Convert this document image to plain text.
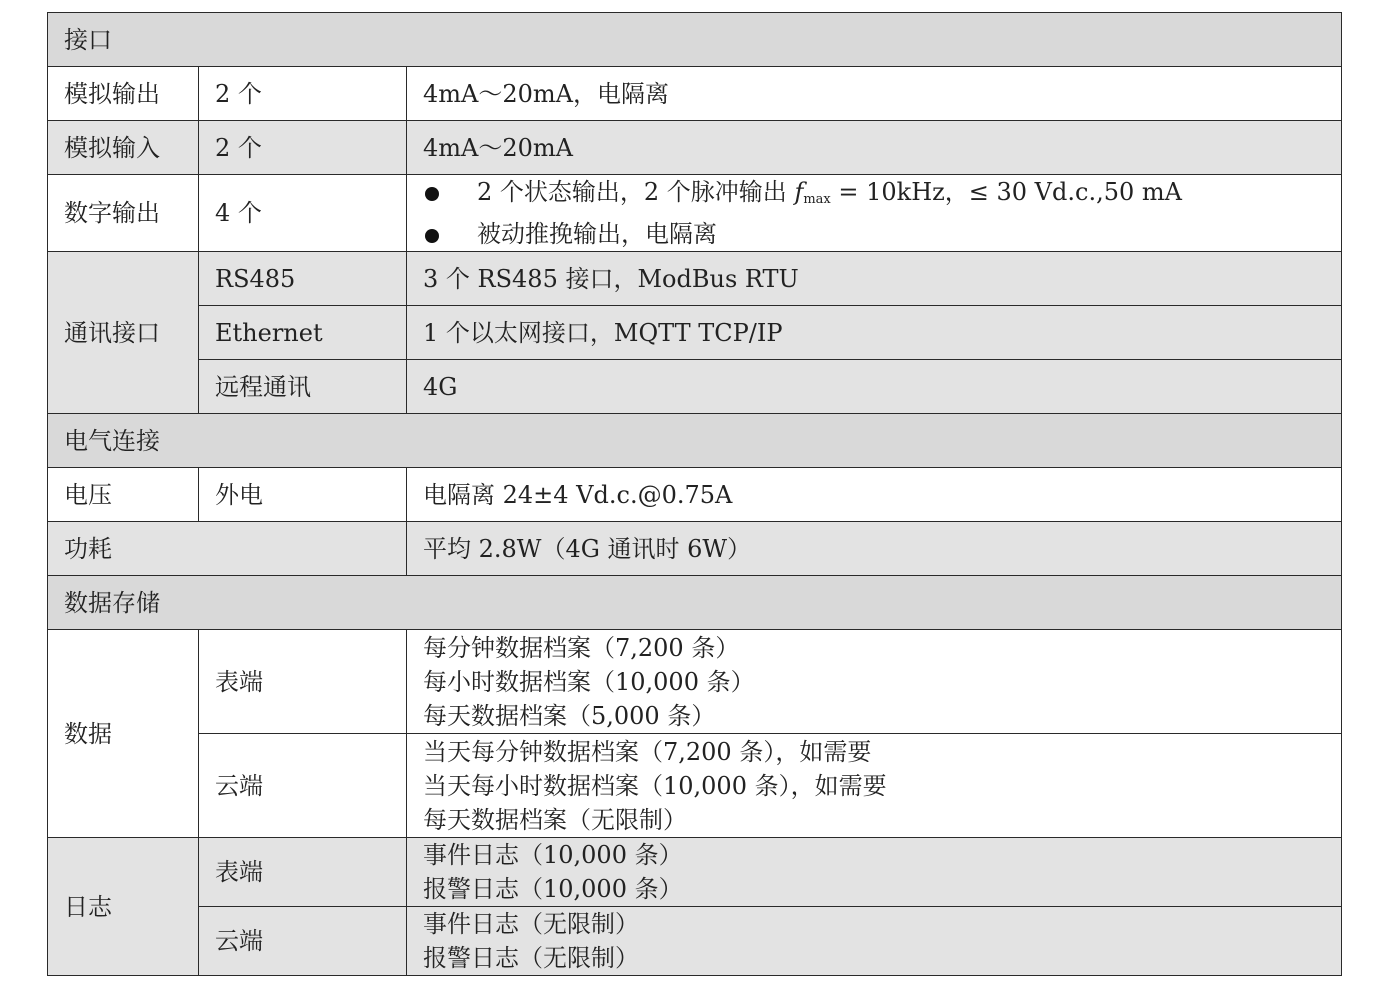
接口		
模拟输出	2 个	4mA～20mA，电隔离
模拟输入	2 个	4mA～20mA
数字输出	4 个	2 个状态输出，2 个脉冲输出 $f_{max} = 10kHz$，≤ 30 Vd.c.,50 mA
被动推挽输出，电隔离

通讯接口	RS485	3 个 RS485 接口，ModBus RTU
	Ethernet	1 个以太网接口，MQTT TCP/IP
	远程通讯	4G
电气连接		
电压	外电	电隔离 24±4 Vd.c.@0.75A
功耗		平均 2.8W（4G 通讯时 6W）
数据存储		
数据	表端	每分钟数据档案（7,200 条）
每小时数据档案（10,000 条）
每天数据档案（5,000 条）

	云端	当天每分钟数据档案（7,200 条），如需要
当天每小时数据档案（10,000 条），如需要
每天数据档案（无限制）

日志	表端	事件日志（10,000 条）
报警日志（10,000 条）

	云端	事件日志（无限制）
报警日志（无限制）
